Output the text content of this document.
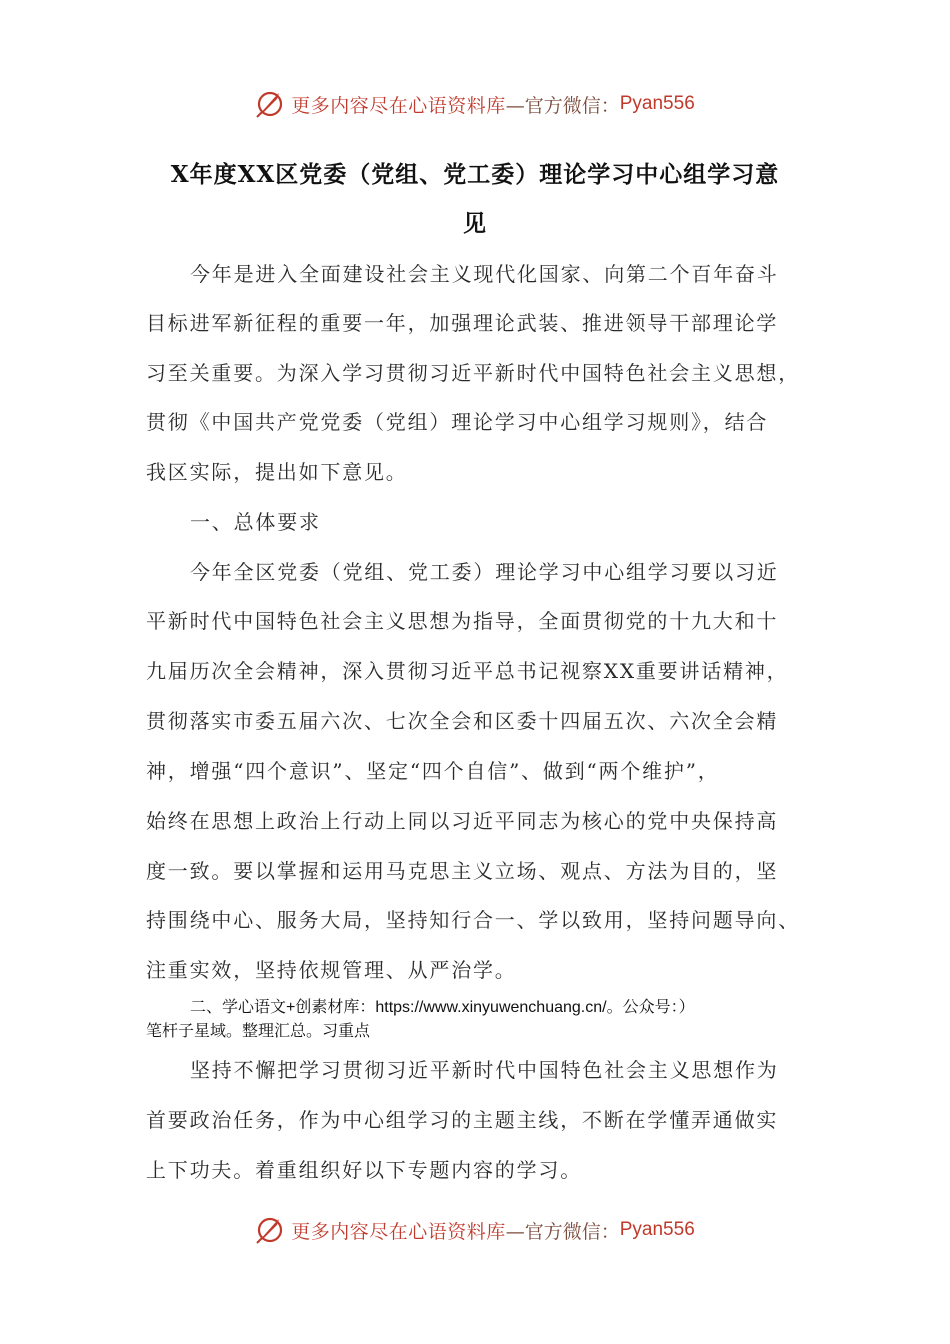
更多内容尽在心语资料库 —官方微信： Pyan556
X年度XX区党委（党组、党工委）理论学习中心组学习意
见
今年是进入全面建设社会主义现代化国家、向第二个百年奋斗
目标进军新征程的重要一年，加强理论武装、推进领导干部理论学
习至关重要。为深入学习贯彻习近平新时代中国特色社会主义思想，
贯彻《中国共产党党委（党组）理论学习中心组学习规则》，结合
我区实际，提出如下意见。
一、总体要求
今年全区党委（党组、党工委）理论学习中心组学习要以习近
平新时代中国特色社会主义思想为指导，全面贯彻党的十九大和十
九届历次全会精神，深入贯彻习近平总书记视察XX重要讲话精神，
贯彻落实市委五届六次、七次全会和区委十四届五次、六次全会精
神，增强“四个意识”、坚定“四个自信”、做到“两个维护”，
始终在思想上政治上行动上同以习近平同志为核心的党中央保持高
度一致。要以掌握和运用马克思主义立场、观点、方法为目的，坚
持围绕中心、服务大局，坚持知行合一、学以致用，坚持问题导向、
注重实效，坚持依规管理、从严治学。
二、学心语文+创素材库：https://www.xinyuwenchuang.cn/。公众号：）
笔杆子星域。整理汇总。习重点
坚持不懈把学习贯彻习近平新时代中国特色社会主义思想作为
首要政治任务，作为中心组学习的主题主线，不断在学懂弄通做实
上下功夫。着重组织好以下专题内容的学习。
更多内容尽在心语资料库 —官方微信： Pyan556
